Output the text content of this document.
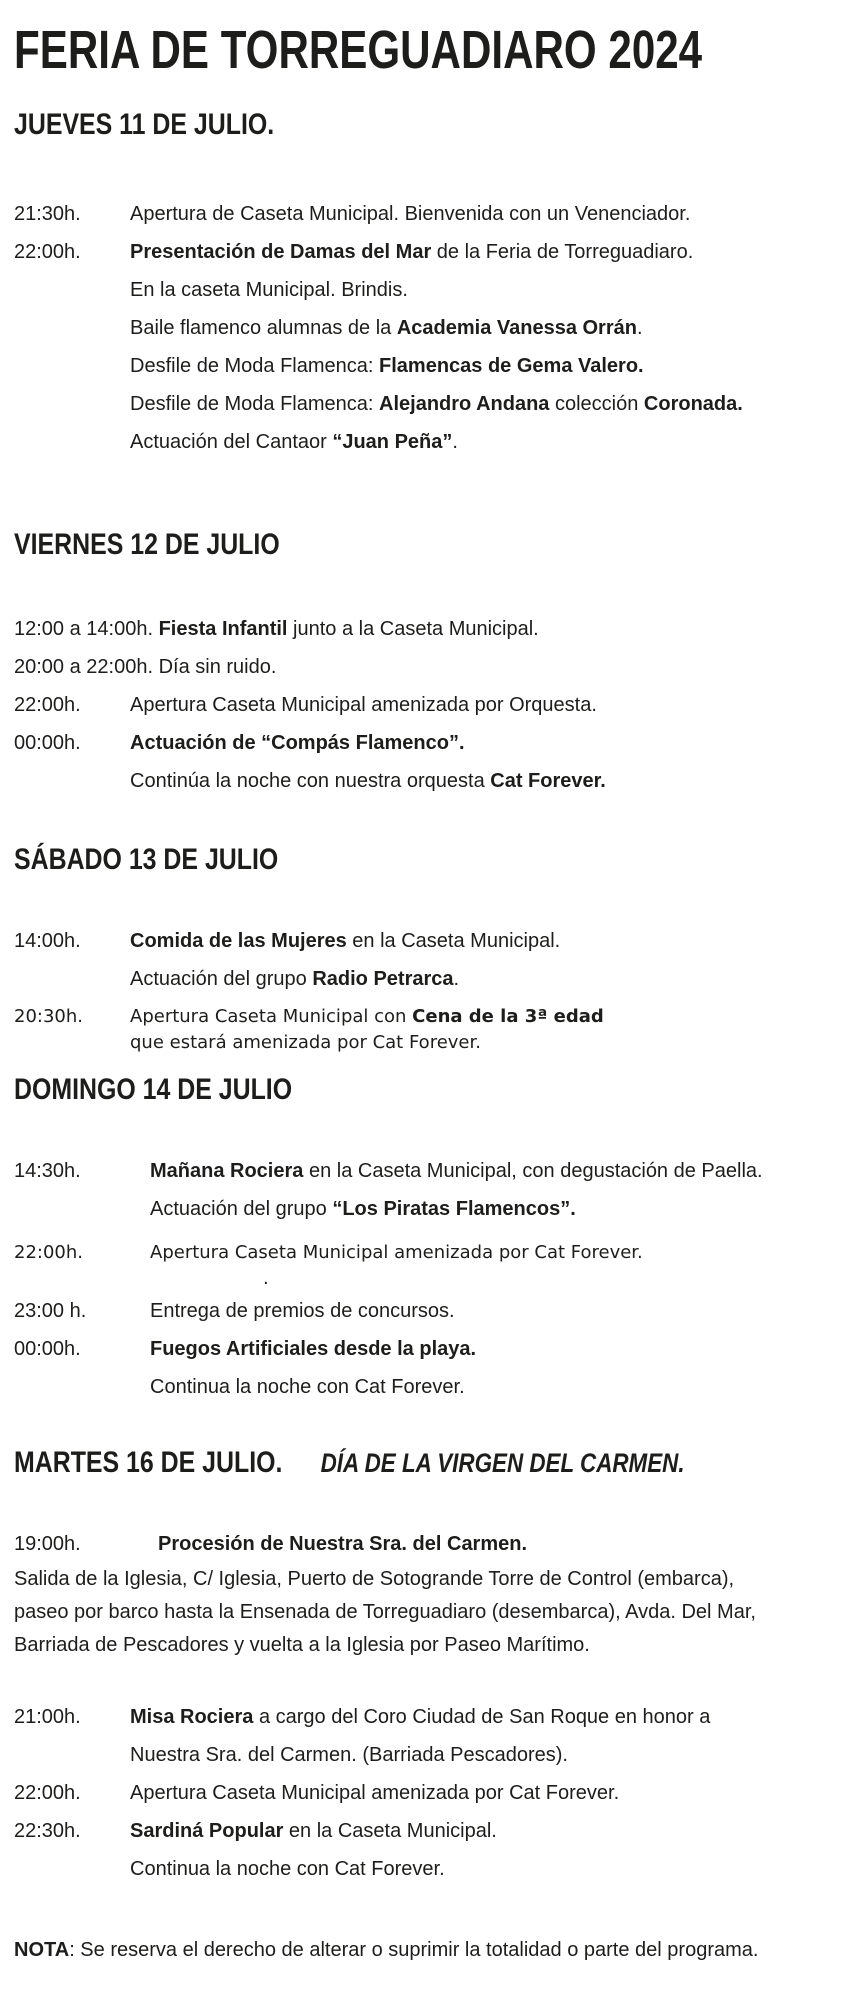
FERIA DE TORREGUADIARO 2024
JUEVES 11 DE JULIO.
21:30h.	Apertura de Caseta Municipal. Bienvenida con un Venenciador.
22:00h.	Presentación de Damas del Mar de la Feria de Torreguadiaro.
En la caseta Municipal. Brindis.
Baile flamenco alumnas de la Academia Vanessa Orrán.
Desfile de Moda Flamenca: Flamencas de Gema Valero.
Desfile de Moda Flamenca: Alejandro Andana colección Coronada.
Actuación del Cantaor “Juan Peña”.
VIERNES 12 DE JULIO
12:00 a 14:00h. Fiesta Infantil junto a la Caseta Municipal.
20:00 a 22:00h. Día sin ruido.
22:00h.	Apertura Caseta Municipal amenizada por Orquesta.
00:00h.	Actuación de “Compás Flamenco”.
Continúa la noche con nuestra orquesta Cat Forever.
SÁBADO 13 DE JULIO
14:00h.	Comida de las Mujeres en la Caseta Municipal.
Actuación del grupo Radio Petrarca.
20:30h.	Apertura Caseta Municipal con Cena de la 3ª edad
que estará amenizada por Cat Forever.
DOMINGO 14 DE JULIO
14:30h.	Mañana Rociera en la Caseta Municipal, con degustación de Paella.
Actuación del grupo “Los Piratas Flamencos”.
22:00h.	Apertura Caseta Municipal amenizada por Cat Forever.
.
23:00 h.	Entrega de premios de concursos.
00:00h.	Fuegos Artificiales desde la playa.
Continua la noche con Cat Forever.
MARTES 16 DE JULIO. DÍA DE LA VIRGEN DEL CARMEN.
19:00h.	Procesión de Nuestra Sra. del Carmen.
Salida de la Iglesia, C/ Iglesia, Puerto de Sotogrande Torre de Control (embarca),
paseo por barco hasta la Ensenada de Torreguadiaro (desembarca), Avda. Del Mar,
Barriada de Pescadores y vuelta a la Iglesia por Paseo Marítimo.
21:00h.	Misa Rociera a cargo del Coro Ciudad de San Roque en honor a
Nuestra Sra. del Carmen. (Barriada Pescadores).
22:00h.	Apertura Caseta Municipal amenizada por Cat Forever.
22:30h.	Sardiná Popular en la Caseta Municipal.
Continua la noche con Cat Forever.

NOTA: Se reserva el derecho de alterar o suprimir la totalidad o parte del programa.
